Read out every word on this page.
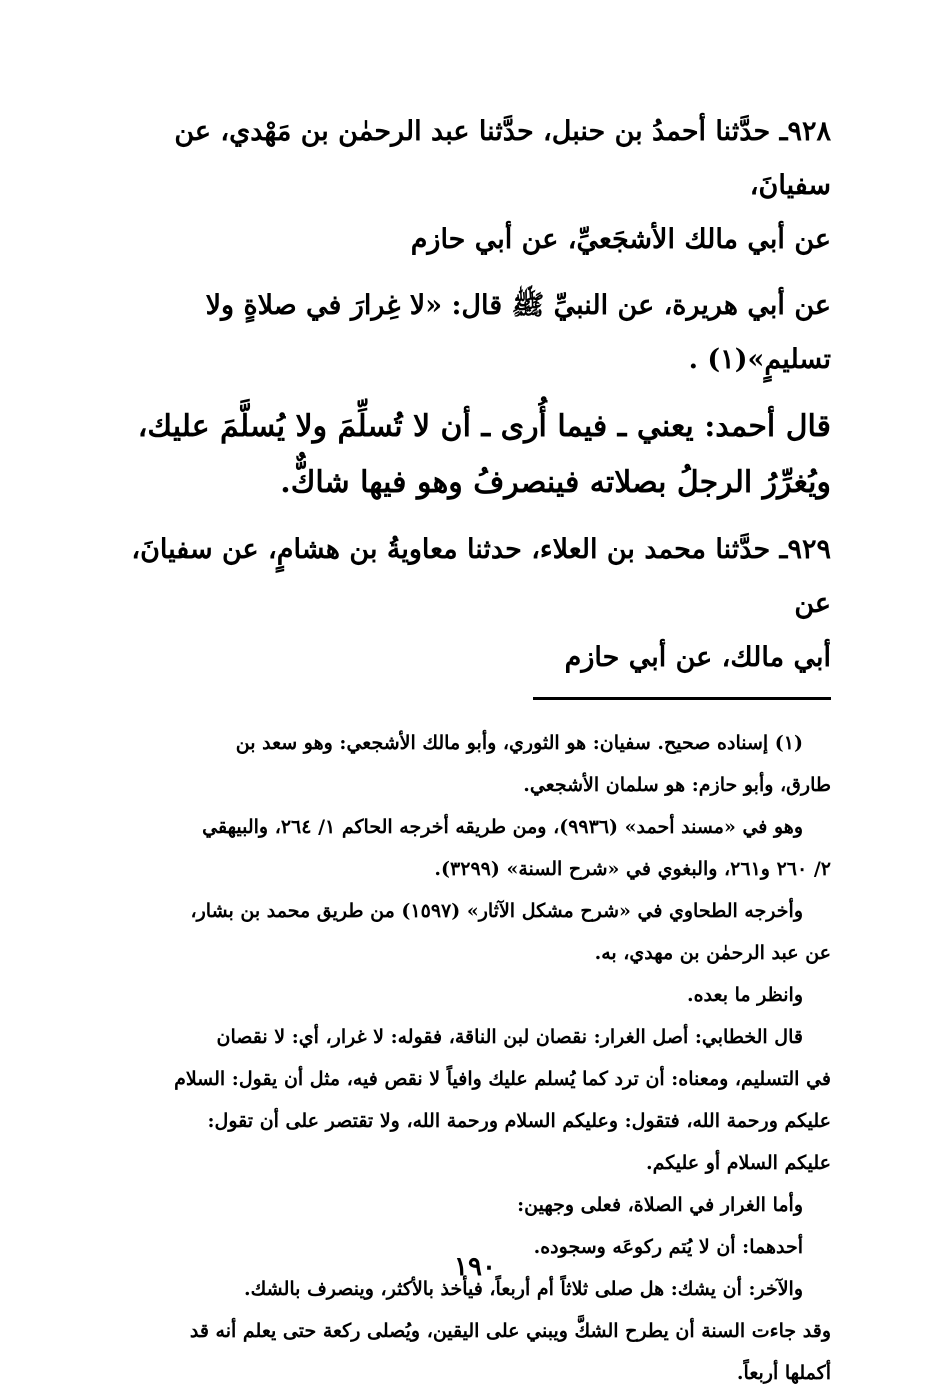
٩٢٨ـ حدَّثنا أحمدُ بن حنبل، حدَّثنا عبد الرحمٰن بن مَهْدي، عن سفيانَ،

عن أبي مالك الأشجَعيِّ، عن أبي حازم

عن أبي هريرة، عن النبيِّ ﷺ قال: «لا غِرارَ في صلاةٍ ولا

تسليمٍ»(١) .

قال أحمد: يعني ـ فيما أُرى ـ أن لا تُسلِّمَ ولا يُسلَّمَ عليك،

ويُغرِّرُ الرجلُ بصلاته فينصرفُ وهو فيها شاكٌّ.

٩٢٩ـ حدَّثنا محمد بن العلاء، حدثنا معاويةُ بن هشامٍ، عن سفيانَ، عن

أبي مالك، عن أبي حازم

(١) إسناده صحيح. سفيان: هو الثوري، وأبو مالك الأشجعي: وهو سعد بن

طارق، وأبو حازم: هو سلمان الأشجعي.

وهو في «مسند أحمد» (٩٩٣٦)، ومن طريقه أخرجه الحاكم ١/ ٢٦٤، والبيهقي

٢/ ٢٦٠ و٢٦١، والبغوي في «شرح السنة» (٣٢٩٩).

وأخرجه الطحاوي في «شرح مشكل الآثار» (١٥٩٧) من طريق محمد بن بشار،

عن عبد الرحمٰن بن مهدي، به.

وانظر ما بعده.

قال الخطابي: أصل الغرار: نقصان لبن الناقة، فقوله: لا غرار، أي: لا نقصان

في التسليم، ومعناه: أن ترد كما يُسلم عليك وافياً لا نقص فيه، مثل أن يقول: السلام

عليكم ورحمة الله، فتقول: وعليكم السلام ورحمة الله، ولا تقتصر على أن تقول:

عليكم السلام أو عليكم.

وأما الغرار في الصلاة، فعلى وجهين:

أحدهما: أن لا يُتم ركوعَه وسجوده.

والآخر: أن يشك: هل صلى ثلاثاً أم أربعاً، فيأخذ بالأكثر، وينصرف بالشك.

وقد جاءت السنة أن يطرح الشكَّ ويبني على اليقين، ويُصلى ركعة حتى يعلم أنه قد

أكملها أربعاً.

١٩٠
